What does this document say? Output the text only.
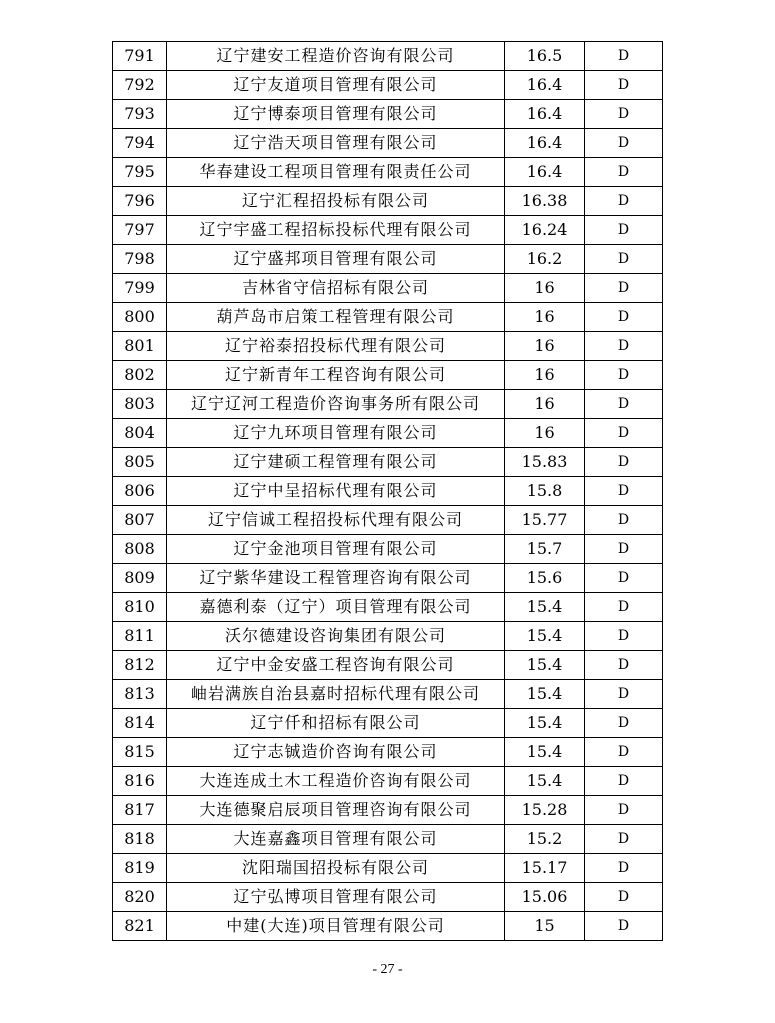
791	辽宁建安工程造价咨询有限公司	16.5	D
792	辽宁友道项目管理有限公司	16.4	D
793	辽宁博泰项目管理有限公司	16.4	D
794	辽宁浩天项目管理有限公司	16.4	D
795	华春建设工程项目管理有限责任公司	16.4	D
796	辽宁汇程招投标有限公司	16.38	D
797	辽宁宇盛工程招标投标代理有限公司	16.24	D
798	辽宁盛邦项目管理有限公司	16.2	D
799	吉林省守信招标有限公司	16	D
800	葫芦岛市启策工程管理有限公司	16	D
801	辽宁裕泰招投标代理有限公司	16	D
802	辽宁新青年工程咨询有限公司	16	D
803	辽宁辽河工程造价咨询事务所有限公司	16	D
804	辽宁九环项目管理有限公司	16	D
805	辽宁建硕工程管理有限公司	15.83	D
806	辽宁中呈招标代理有限公司	15.8	D
807	辽宁信诚工程招投标代理有限公司	15.77	D
808	辽宁金池项目管理有限公司	15.7	D
809	辽宁紫华建设工程管理咨询有限公司	15.6	D
810	嘉德利泰（辽宁）项目管理有限公司	15.4	D
811	沃尔德建设咨询集团有限公司	15.4	D
812	辽宁中金安盛工程咨询有限公司	15.4	D
813	岫岩满族自治县嘉时招标代理有限公司	15.4	D
814	辽宁仟和招标有限公司	15.4	D
815	辽宁志铖造价咨询有限公司	15.4	D
816	大连连成土木工程造价咨询有限公司	15.4	D
817	大连德聚启辰项目管理咨询有限公司	15.28	D
818	大连嘉鑫项目管理有限公司	15.2	D
819	沈阳瑞国招投标有限公司	15.17	D
820	辽宁弘博项目管理有限公司	15.06	D
821	中建(大连)项目管理有限公司	15	D
- 27 -
